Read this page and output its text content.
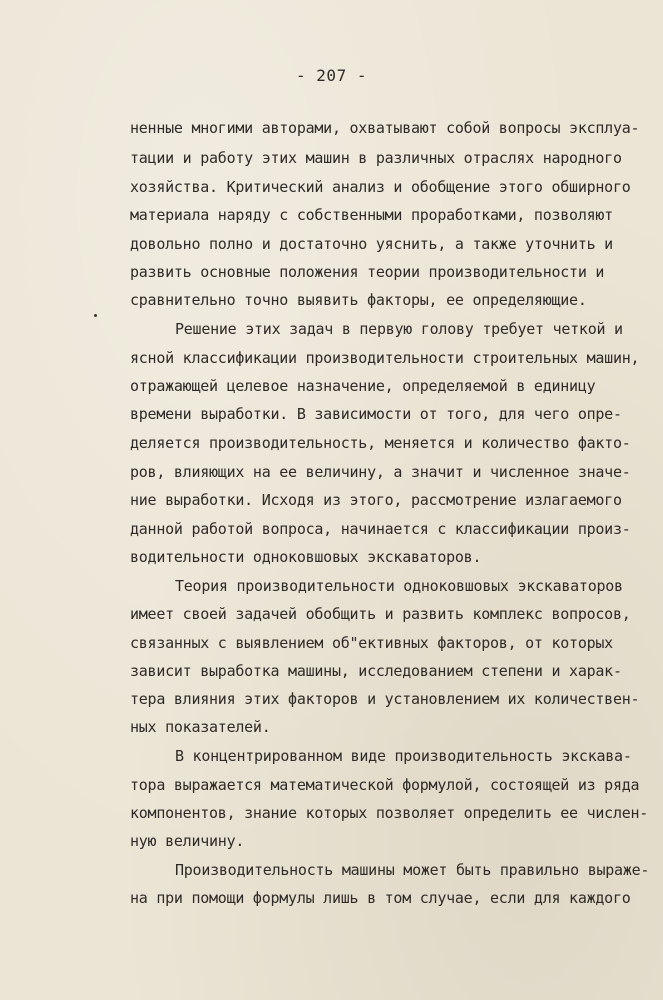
- 207 -
ненные многими авторами, охватывают собой вопросы эксплуа-
тации и работу этих машин в различных отраслях народного
хозяйства. Критический анализ и обобщение этого обширного
материала наряду с собственными проработками, позволяют
довольно полно и достаточно уяснить, а также уточнить и
развить основные положения теории производительности и
сравнительно точно выявить факторы, ее определяющие.
Решение этих задач в первую голову требует четкой и
ясной классификации производительности строительных машин,
отражающей целевое назначение, определяемой в единицу
времени выработки. В зависимости от того, для чего опре-
деляется производительность, меняется и количество факто-
ров, влияющих на ее величину, а значит и численное значе-
ние выработки. Исходя из этого, рассмотрение излагаемого
данной работой вопроса, начинается с классификации произ-
водительности одноковшовых экскаваторов.
Теория производительности одноковшовых экскаваторов
имеет своей задачей обобщить и развить комплекс вопросов,
связанных с выявлением об"ективных факторов, от которых
зависит выработка машины, исследованием степени и харак-
тера влияния этих факторов и установлением их количествен-
ных показателей.
В концентрированном виде производительность экскава-
тора выражается математической формулой, состоящей из ряда
компонентов, знание которых позволяет определить ее числен-
ную величину.
Производительность машины может быть правильно выраже-
на при помощи формулы лишь в том случае, если для каждого
